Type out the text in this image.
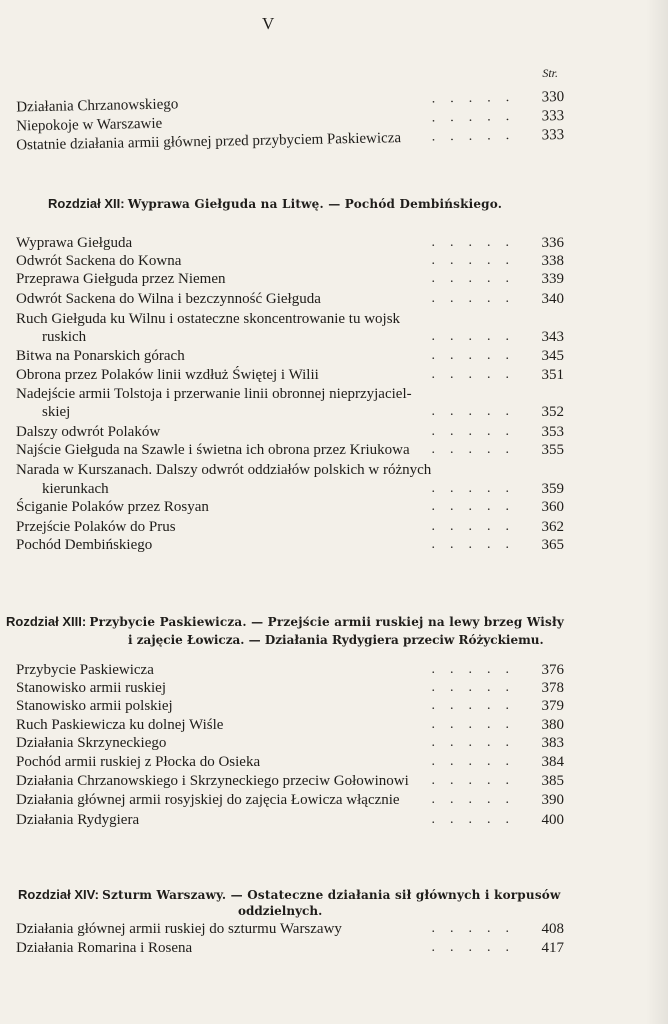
V
Str.
Działania Chrzanowskiego	..... 330
Niepokoje w Warszawie	..... 333
Ostatnie działania armii głównej przed przybyciem Paskiewicza ..... 333
Rozdział XII: Wyprawa Giełguda na Litwę. — Pochód Dembińskiego.
Wyprawa Giełguda	..... 336
Odwrót Sackena do Kowna	..... 338
Przeprawa Giełguda przez Niemen	..... 339
Odwrót Sackena do Wilna i bezczynność Giełguda	..... 340
Ruch Giełguda ku Wilnu i ostateczne skoncentrowanie tu wojsk
ruskich	..... 343
Bitwa na Ponarskich górach	..... 345
Obrona przez Polaków linii wzdłuż Świętej i Wilii	..... 351
Nadejście armii Tolstoja i przerwanie linii obronnej nieprzyjaciel-
skiej	..... 352
Dalszy odwrót Polaków	..... 353
Najście Giełguda na Szawle i świetna ich obrona przez Kriukowa ..... 355
Narada w Kurszanach. Dalszy odwrót oddziałów polskich w różnych
kierunkach	..... 359
Ściganie Polaków przez Rosyan	..... 360
Przejście Polaków do Prus	..... 362
Pochód Dembińskiego	..... 365
Rozdział XIII: Przybycie Paskiewicza. — Przejście armii ruskiej na lewy brzeg Wisły
i zajęcie Łowicza. — Działania Rydygiera przeciw Różyckiemu.
Przybycie Paskiewicza	..... 376
Stanowisko armii ruskiej	..... 378
Stanowisko armii polskiej	..... 379
Ruch Paskiewicza ku dolnej Wiśle	..... 380
Działania Skrzyneckiego	..... 383
Pochód armii ruskiej z Płocka do Osieka	..... 384
Działania Chrzanowskiego i Skrzyneckiego przeciw Gołowinowi ..... 385
Działania głównej armii rosyjskiej do zajęcia Łowicza włącznie ..... 390
Działania Rydygiera	..... 400
Rozdział XIV: Szturm Warszawy. — Ostateczne działania sił głównych i korpusów
oddzielnych.
Działania głównej armii ruskiej do szturmu Warszawy	..... 408
Działania Romarina i Rosena	..... 417
